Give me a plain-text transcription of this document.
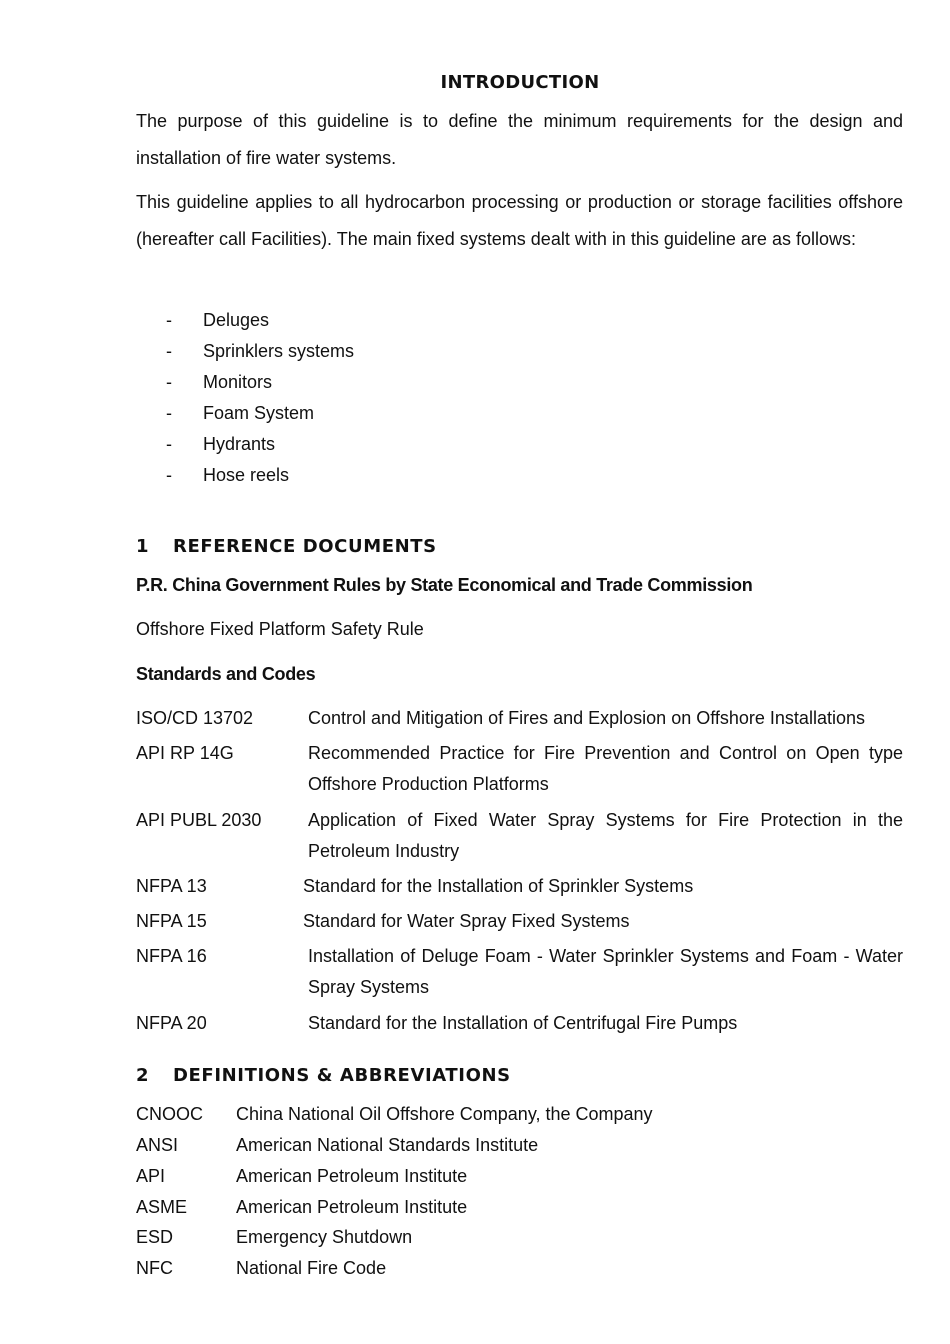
INTRODUCTION

The purpose of this guideline is to define the minimum requirements for the design and installation of fire water systems.

This guideline applies to all hydrocarbon processing or production or storage facilities offshore (hereafter call Facilities). The main fixed systems dealt with in this guideline are as follows:

- Deluges
- Sprinklers systems
- Monitors
- Foam System
- Hydrants
- Hose reels
1 REFERENCE DOCUMENTS
P.R. China Government Rules by State Economical and Trade Commission
Offshore Fixed Platform Safety Rule
Standards and Codes
ISO/CD 13702	Control and Mitigation of Fires and Explosion on Offshore Installations
API RP 14G	Recommended Practice for Fire Prevention and Control on Open type Offshore Production Platforms
API PUBL 2030	Application of Fixed Water Spray Systems for Fire Protection in the Petroleum Industry
NFPA 13	Standard for the Installation of Sprinkler Systems
NFPA 15	Standard for Water Spray Fixed Systems
NFPA 16	Installation of Deluge Foam - Water Sprinkler Systems and Foam - Water Spray Systems
NFPA 20	Standard for the Installation of Centrifugal Fire Pumps
2 DEFINITIONS & ABBREVIATIONS
CNOOC China National Oil Offshore Company, the Company
ANSI	American National Standards Institute
API	American Petroleum Institute
ASME	American Petroleum Institute
ESD	Emergency Shutdown
NFC	National Fire Code
